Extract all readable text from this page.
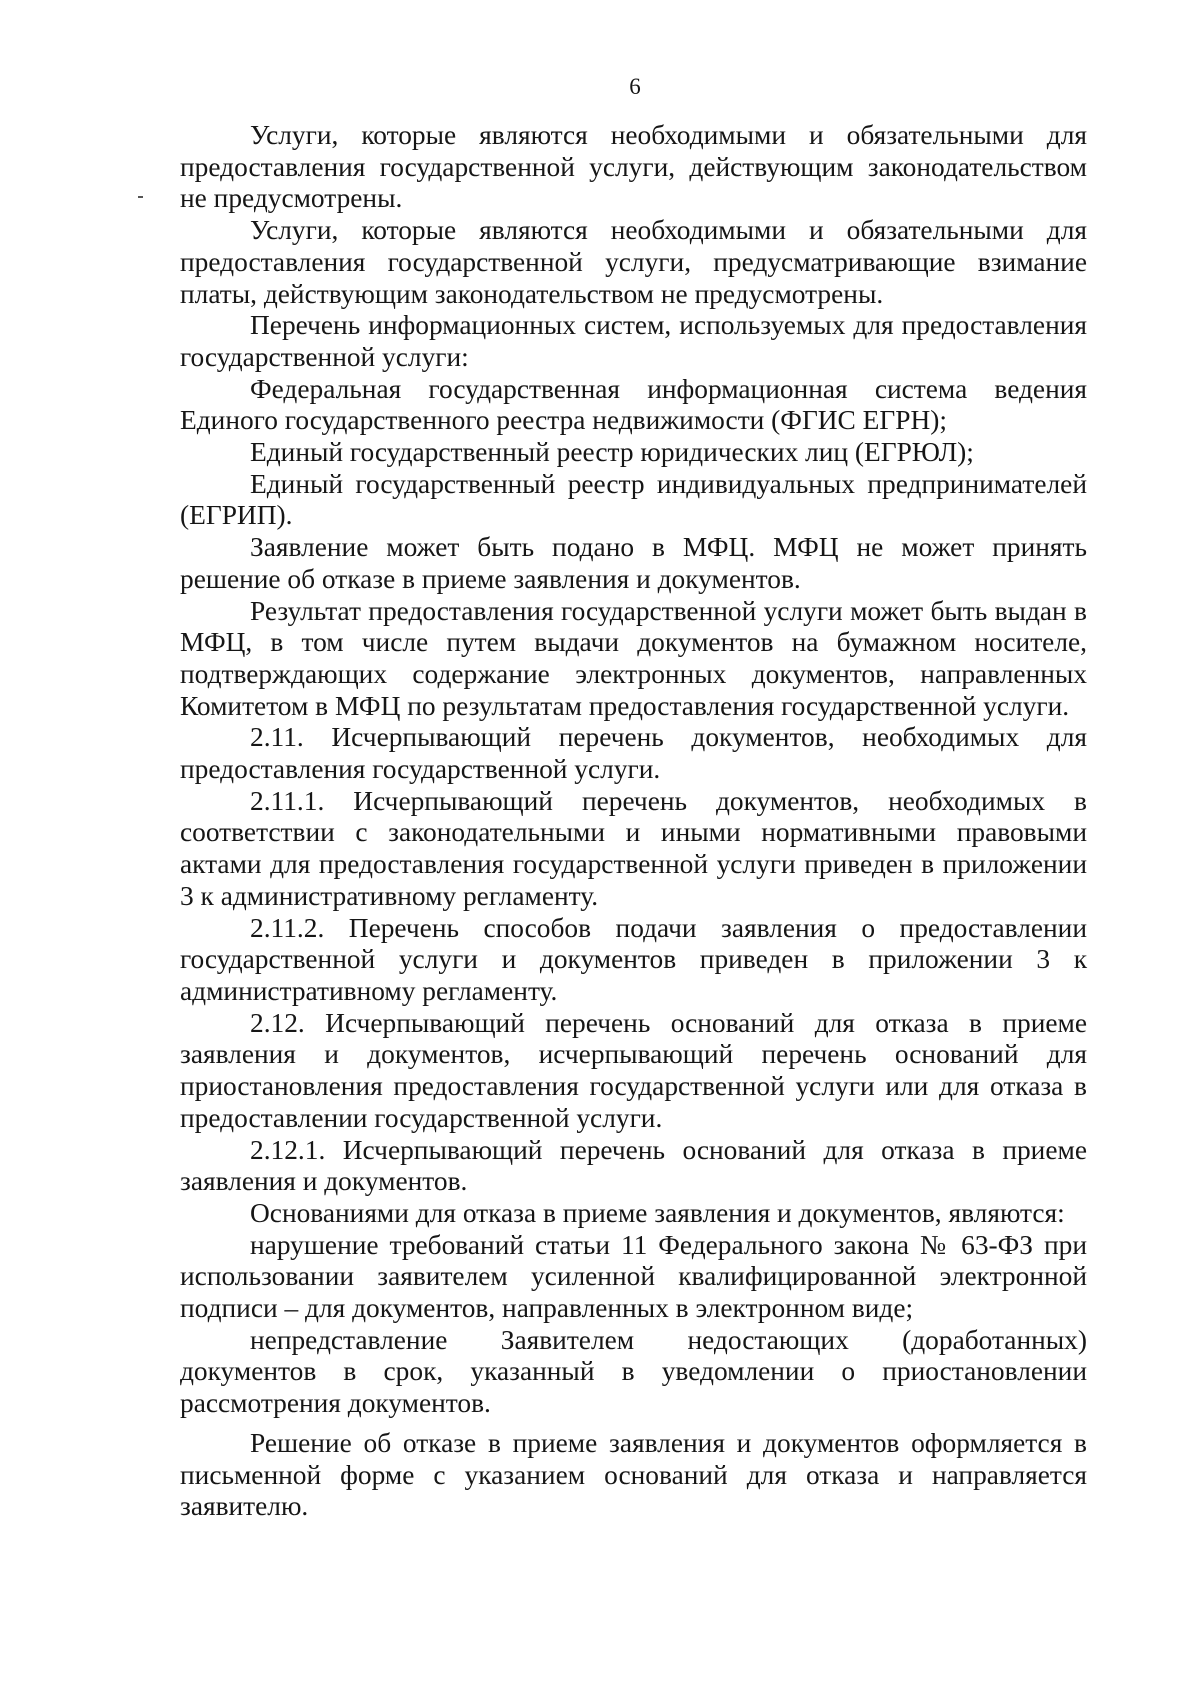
6

Услуги, которые являются необходимыми и обязательными для предоставления государственной услуги, действующим законодательством не предусмотрены.

Услуги, которые являются необходимыми и обязательными для предоставления государственной услуги, предусматривающие взимание платы, действующим законодательством не предусмотрены.

Перечень информационных систем, используемых для предоставления государственной услуги:

Федеральная государственная информационная система ведения Единого государственного реестра недвижимости (ФГИС ЕГРН);

Единый государственный реестр юридических лиц (ЕГРЮЛ);

Единый государственный реестр индивидуальных предпринимателей (ЕГРИП).

Заявление может быть подано в МФЦ. МФЦ не может принять решение об отказе в приеме заявления и документов.

Результат предоставления государственной услуги может быть выдан в МФЦ, в том числе путем выдачи документов на бумажном носителе, подтверждающих содержание электронных документов, направленных Комитетом в МФЦ по результатам предоставления государственной услуги.

2.11. Исчерпывающий перечень документов, необходимых для предоставления государственной услуги.

2.11.1. Исчерпывающий перечень документов, необходимых в соответствии с законодательными и иными нормативными правовыми актами для предоставления государственной услуги приведен в приложении 3 к административному регламенту.

2.11.2. Перечень способов подачи заявления о предоставлении государственной услуги и документов приведен в приложении 3 к административному регламенту.

2.12. Исчерпывающий перечень оснований для отказа в приеме заявления и документов, исчерпывающий перечень оснований для приостановления предоставления государственной услуги или для отказа в предоставлении государственной услуги.

2.12.1. Исчерпывающий перечень оснований для отказа в приеме заявления и документов.

Основаниями для отказа в приеме заявления и документов, являются:

нарушение требований статьи 11 Федерального закона № 63-ФЗ при использовании заявителем усиленной квалифицированной электронной подписи – для документов, направленных в электронном виде;

непредставление Заявителем недостающих (доработанных) документов в срок, указанный в уведомлении о приостановлении рассмотрения документов.

Решение об отказе в приеме заявления и документов оформляется в письменной форме с указанием оснований для отказа и направляется заявителю.
